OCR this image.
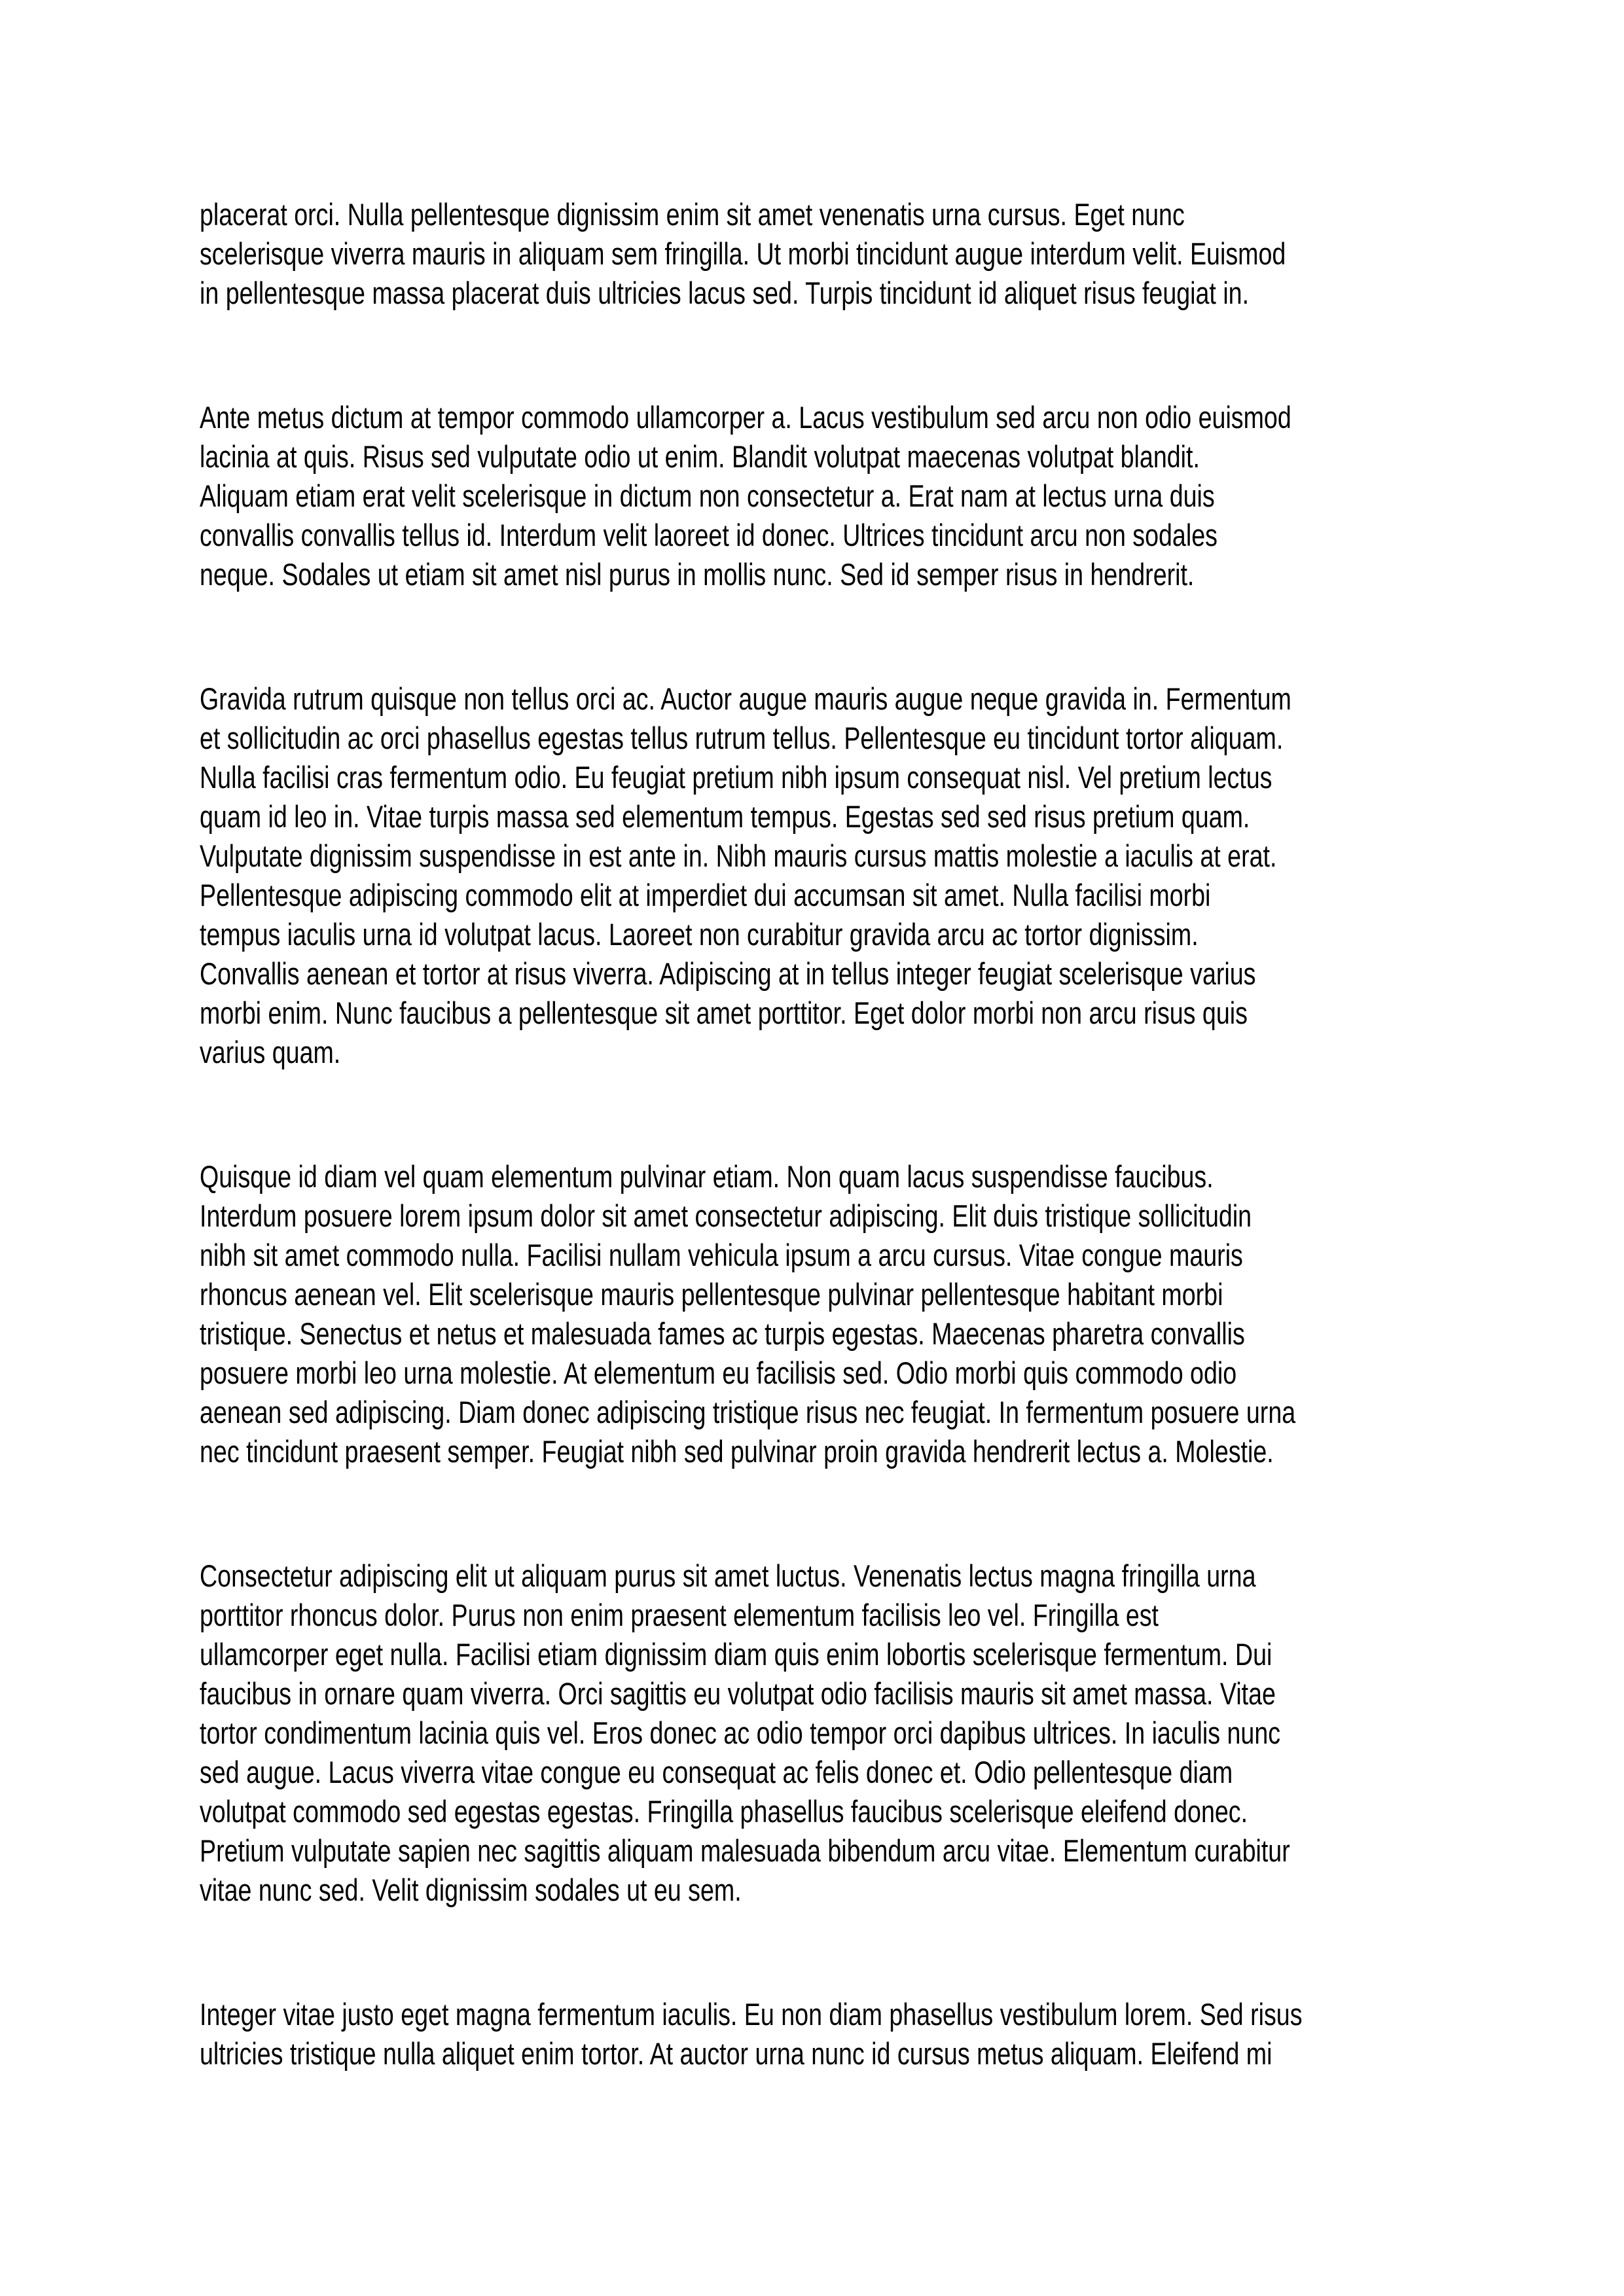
placerat orci. Nulla pellentesque dignissim enim sit amet venenatis urna cursus. Eget nunc
scelerisque viverra mauris in aliquam sem fringilla. Ut morbi tincidunt augue interdum velit. Euismod
in pellentesque massa placerat duis ultricies lacus sed. Turpis tincidunt id aliquet risus feugiat in.

Ante metus dictum at tempor commodo ullamcorper a. Lacus vestibulum sed arcu non odio euismod
lacinia at quis. Risus sed vulputate odio ut enim. Blandit volutpat maecenas volutpat blandit.
Aliquam etiam erat velit scelerisque in dictum non consectetur a. Erat nam at lectus urna duis
convallis convallis tellus id. Interdum velit laoreet id donec. Ultrices tincidunt arcu non sodales
neque. Sodales ut etiam sit amet nisl purus in mollis nunc. Sed id semper risus in hendrerit.

Gravida rutrum quisque non tellus orci ac. Auctor augue mauris augue neque gravida in. Fermentum
et sollicitudin ac orci phasellus egestas tellus rutrum tellus. Pellentesque eu tincidunt tortor aliquam.
Nulla facilisi cras fermentum odio. Eu feugiat pretium nibh ipsum consequat nisl. Vel pretium lectus
quam id leo in. Vitae turpis massa sed elementum tempus. Egestas sed sed risus pretium quam.
Vulputate dignissim suspendisse in est ante in. Nibh mauris cursus mattis molestie a iaculis at erat.
Pellentesque adipiscing commodo elit at imperdiet dui accumsan sit amet. Nulla facilisi morbi
tempus iaculis urna id volutpat lacus. Laoreet non curabitur gravida arcu ac tortor dignissim.
Convallis aenean et tortor at risus viverra. Adipiscing at in tellus integer feugiat scelerisque varius
morbi enim. Nunc faucibus a pellentesque sit amet porttitor. Eget dolor morbi non arcu risus quis
varius quam.

Quisque id diam vel quam elementum pulvinar etiam. Non quam lacus suspendisse faucibus.
Interdum posuere lorem ipsum dolor sit amet consectetur adipiscing. Elit duis tristique sollicitudin
nibh sit amet commodo nulla. Facilisi nullam vehicula ipsum a arcu cursus. Vitae congue mauris
rhoncus aenean vel. Elit scelerisque mauris pellentesque pulvinar pellentesque habitant morbi
tristique. Senectus et netus et malesuada fames ac turpis egestas. Maecenas pharetra convallis
posuere morbi leo urna molestie. At elementum eu facilisis sed. Odio morbi quis commodo odio
aenean sed adipiscing. Diam donec adipiscing tristique risus nec feugiat. In fermentum posuere urna
nec tincidunt praesent semper. Feugiat nibh sed pulvinar proin gravida hendrerit lectus a. Molestie.

Consectetur adipiscing elit ut aliquam purus sit amet luctus. Venenatis lectus magna fringilla urna
porttitor rhoncus dolor. Purus non enim praesent elementum facilisis leo vel. Fringilla est
ullamcorper eget nulla. Facilisi etiam dignissim diam quis enim lobortis scelerisque fermentum. Dui
faucibus in ornare quam viverra. Orci sagittis eu volutpat odio facilisis mauris sit amet massa. Vitae
tortor condimentum lacinia quis vel. Eros donec ac odio tempor orci dapibus ultrices. In iaculis nunc
sed augue. Lacus viverra vitae congue eu consequat ac felis donec et. Odio pellentesque diam
volutpat commodo sed egestas egestas. Fringilla phasellus faucibus scelerisque eleifend donec.
Pretium vulputate sapien nec sagittis aliquam malesuada bibendum arcu vitae. Elementum curabitur
vitae nunc sed. Velit dignissim sodales ut eu sem.

Integer vitae justo eget magna fermentum iaculis. Eu non diam phasellus vestibulum lorem. Sed risus
ultricies tristique nulla aliquet enim tortor. At auctor urna nunc id cursus metus aliquam. Eleifend mi
